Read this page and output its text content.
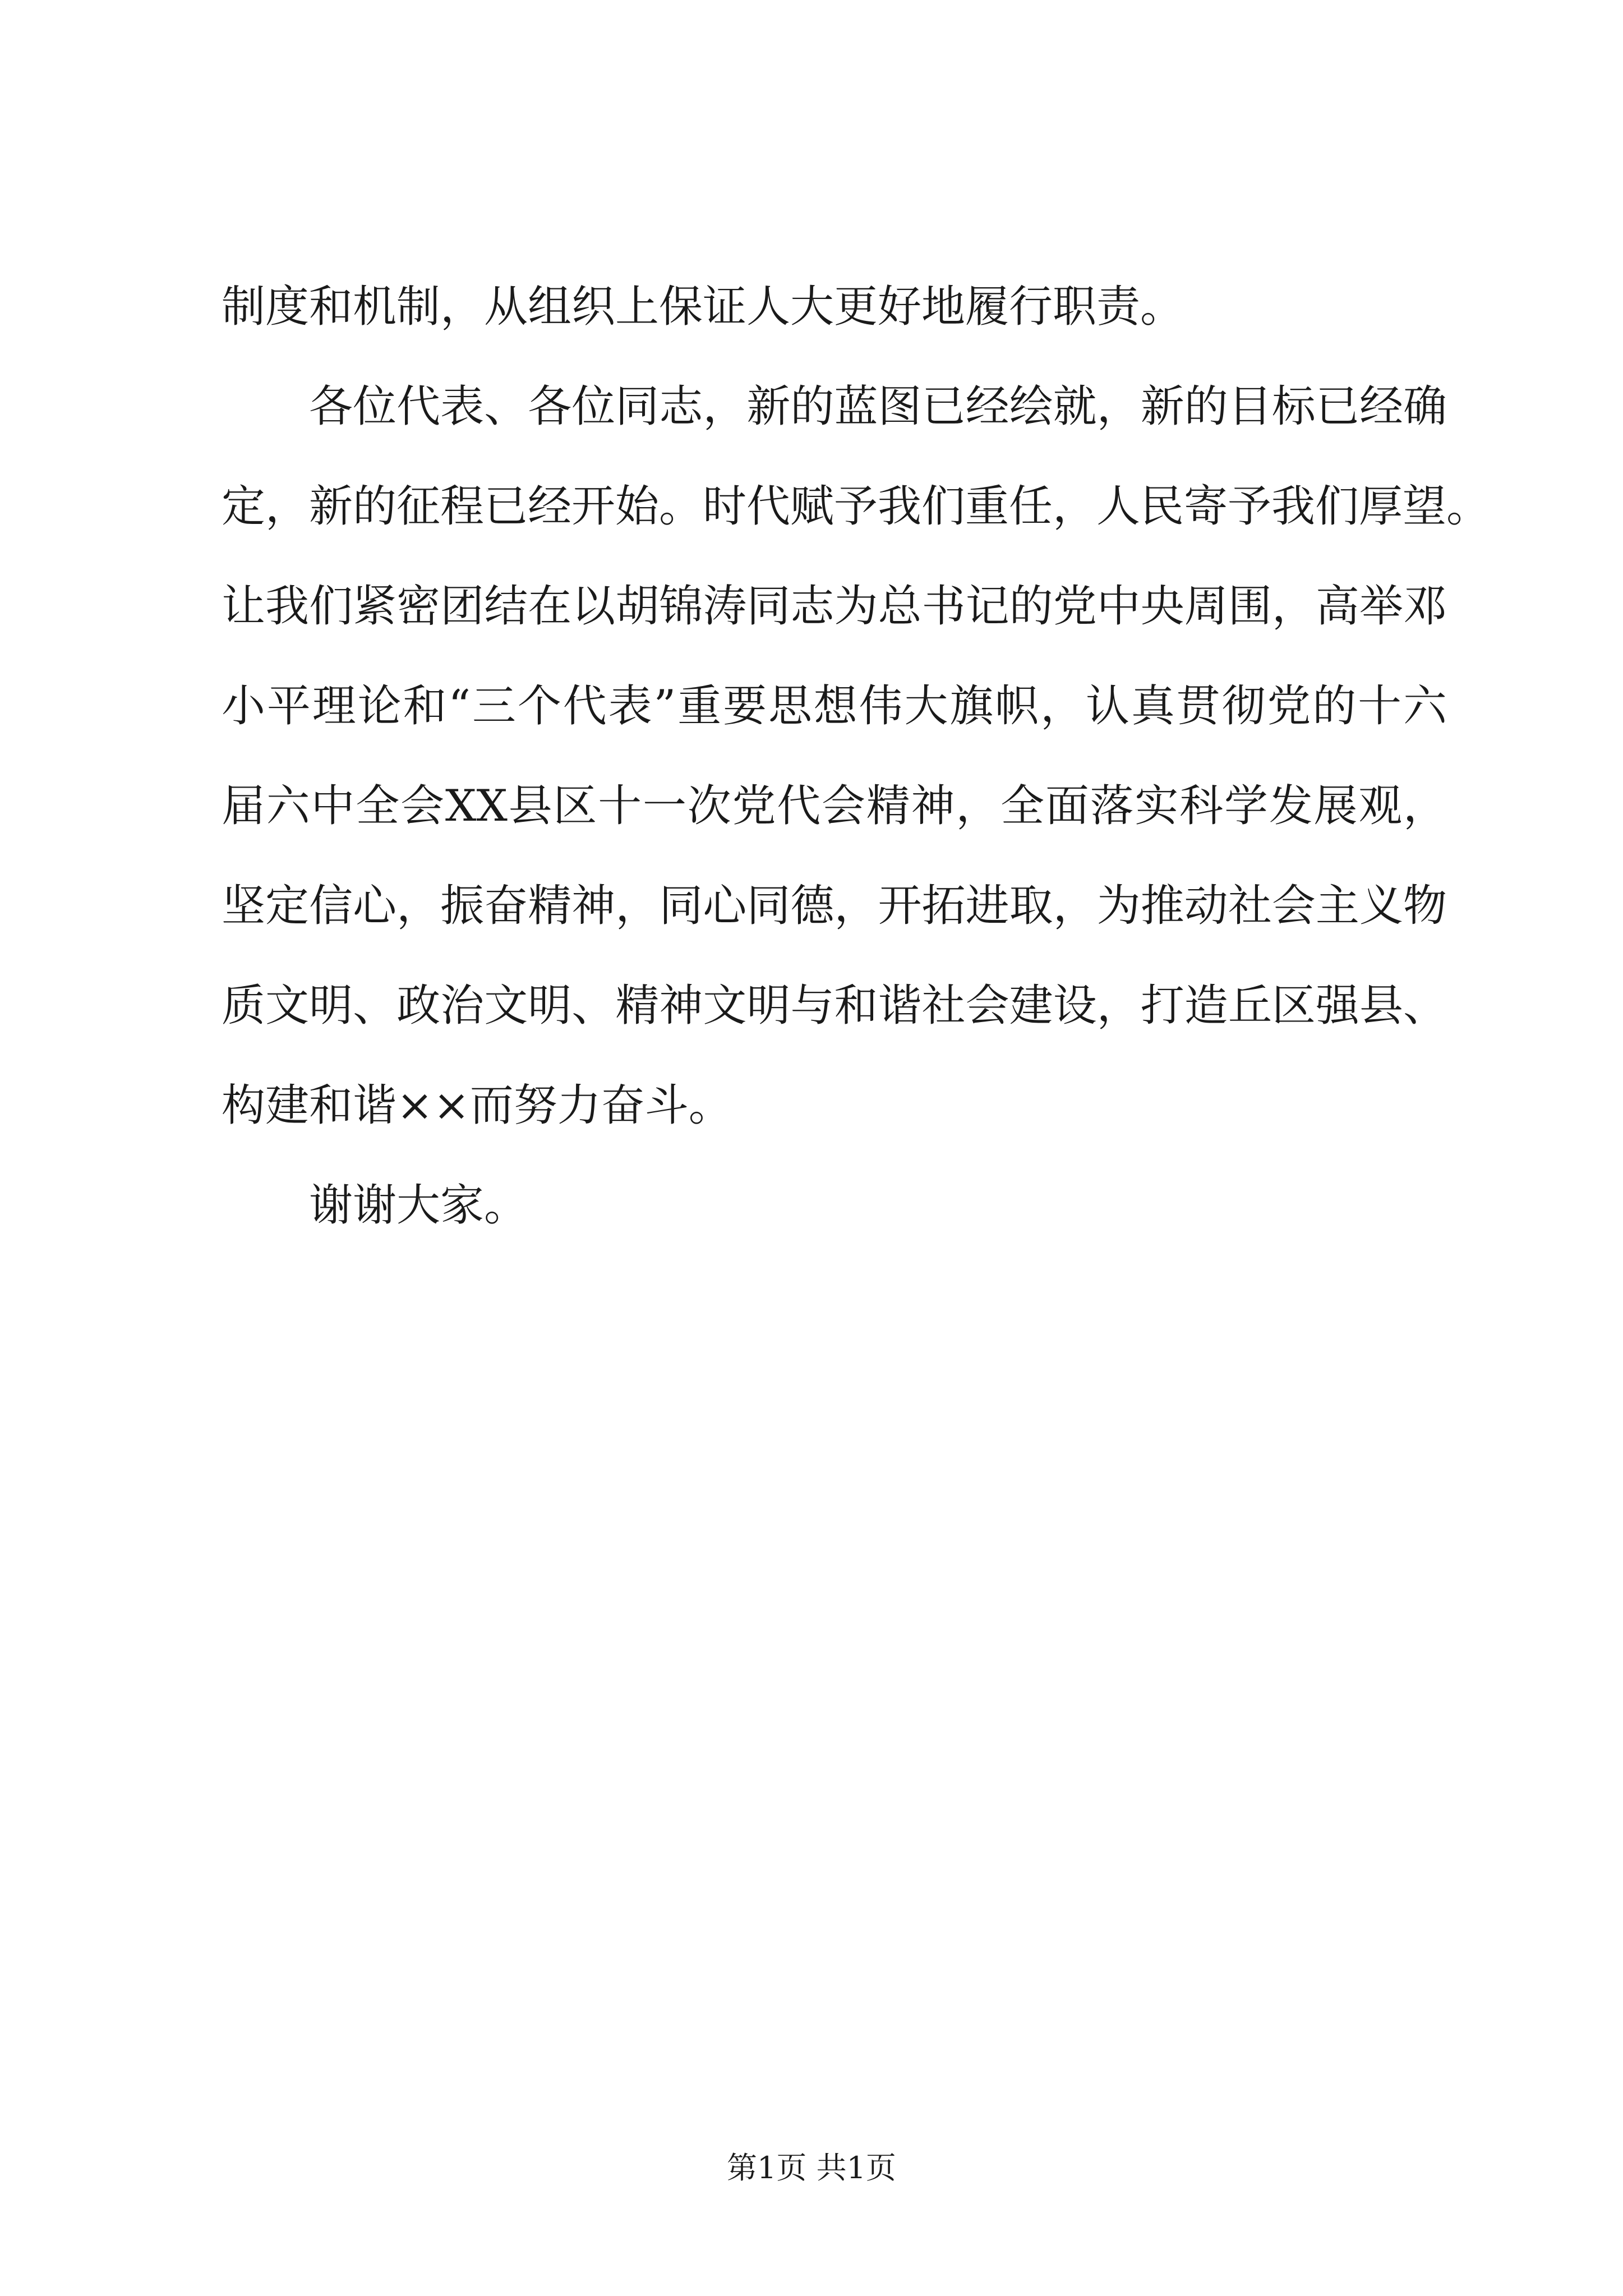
制度和机制，从组织上保证人大更好地履行职责。
各位代表、各位同志，新的蓝图已经绘就，新的目标已经确
定，新的征程已经开始。时代赋予我们重任，人民寄予我们厚望。
让我们紧密团结在以胡锦涛同志为总书记的党中央周围，高举邓
小平理论和“三个代表”重要思想伟大旗帜，认真贯彻党的十六
届六中全会XX县区十一次党代会精神，全面落实科学发展观，
坚定信心，振奋精神，同心同德，开拓进取，为推动社会主义物
质文明、政治文明、精神文明与和谐社会建设，打造丘区强县、
构建和谐××而努力奋斗。
谢谢大家。
第1页 共1页
